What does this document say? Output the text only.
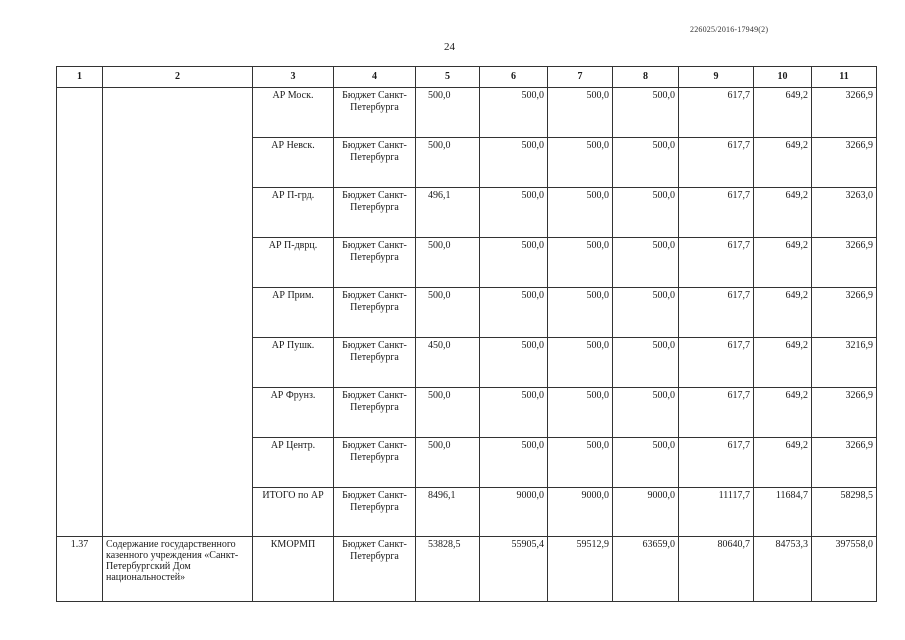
226025/2016-17949(2)
24
1	2	3	4	5	6	7	8	9	10	11
		АР Моск.	Бюджет Санкт-Петербурга	500,0	500,0	500,0	500,0	617,7	649,2	3266,9
		АР Невск.	Бюджет Санкт-Петербурга	500,0	500,0	500,0	500,0	617,7	649,2	3266,9
		АР П-грд.	Бюджет Санкт-Петербурга	496,1	500,0	500,0	500,0	617,7	649,2	3263,0
		АР П-дврц.	Бюджет Санкт-Петербурга	500,0	500,0	500,0	500,0	617,7	649,2	3266,9
		АР Прим.	Бюджет Санкт-Петербурга	500,0	500,0	500,0	500,0	617,7	649,2	3266,9
		АР Пушк.	Бюджет Санкт-Петербурга	450,0	500,0	500,0	500,0	617,7	649,2	3216,9
		АР Фрунз.	Бюджет Санкт-Петербурга	500,0	500,0	500,0	500,0	617,7	649,2	3266,9
		АР Центр.	Бюджет Санкт-Петербурга	500,0	500,0	500,0	500,0	617,7	649,2	3266,9
		ИТОГО по АР	Бюджет Санкт-Петербурга	8496,1	9000,0	9000,0	9000,0	11117,7	11684,7	58298,5
1.37	Содержание государственного казенного учреждения «Санкт-Петербургский Дом национальностей»	КМОРМП	Бюджет Санкт-Петербурга	53828,5	55905,4	59512,9	63659,0	80640,7	84753,3	397558,0
